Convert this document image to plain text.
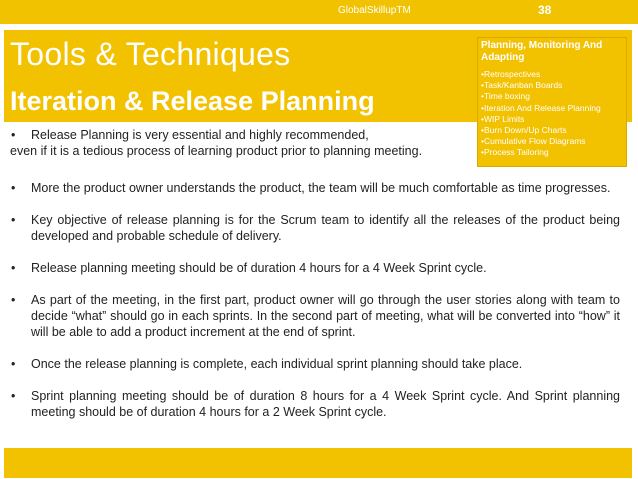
GlobalSkillupTM	38
Tools & Techniques
Iteration & Release Planning
Planning, Monitoring And Adapting
•Retrospectives
•Task/Kanban Boards
•Time boxing
•Iteration And Release Planning
•WIP Limits
•Burn Down/Up Charts
•Cumulative Flow Diagrams
•Process Tailoring
•	Release Planning is very essential and highly recommended,
even if it is a tedious process of learning product prior to planning meeting.
• More the product owner understands the product, the team will be much comfortable as time progresses.
• Key objective of release planning is for the Scrum team to identify all the releases of the product being developed and probable schedule of delivery.
• Release planning meeting should be of duration 4 hours for a 4 Week Sprint cycle.
• As part of the meeting, in the first part, product owner will go through the user stories along with team to decide “what” should go in each sprints. In the second part of meeting, what will be converted into “how” it will be able to add a product increment at the end of sprint.
• Once the release planning is complete, each individual sprint planning should take place.
• Sprint planning meeting should be of duration 8 hours for a 4 Week Sprint cycle. And Sprint planning meeting should be of duration 4 hours for a 2 Week Sprint cycle.
